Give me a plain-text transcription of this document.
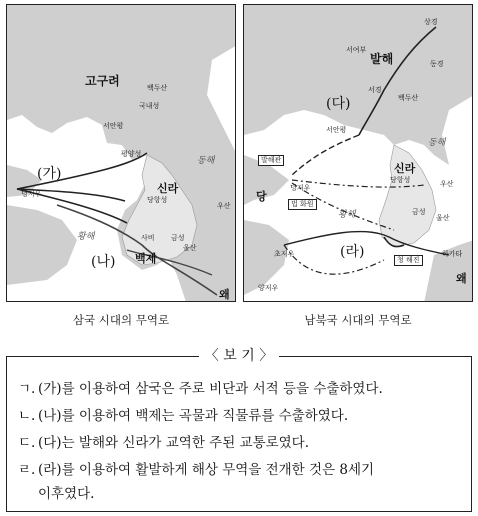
고구려	백두산
국내성
서안평
평양성
신라
당항성
백제
사비 금성
울산
덩저우
우산
동해
황해
왜
(가)
(나)
상경
서여부
발해	동경
서경
백두산
서안평
(다)
동해
발해관
덩저우
법 화원
당
신라
당항성	우산
황해	금성
울산
청 해진
(라)
초저우
양저우
하카타
왜
삼국 시대의 무역로	남북국 시대의 무역로
〈 보 기 〉
ㄱ. (가)를 이용하여 삼국은 주로 비단과 서적 등을 수출하였다.
ㄴ. (나)를 이용하여 백제는 곡물과 직물류를 수출하였다.
ㄷ. (다)는 발해와 신라가 교역한 주된 교통로였다.
ㄹ. (라)를 이용하여 활발하게 해상 무역을 전개한 것은 8세기
이후였다.
